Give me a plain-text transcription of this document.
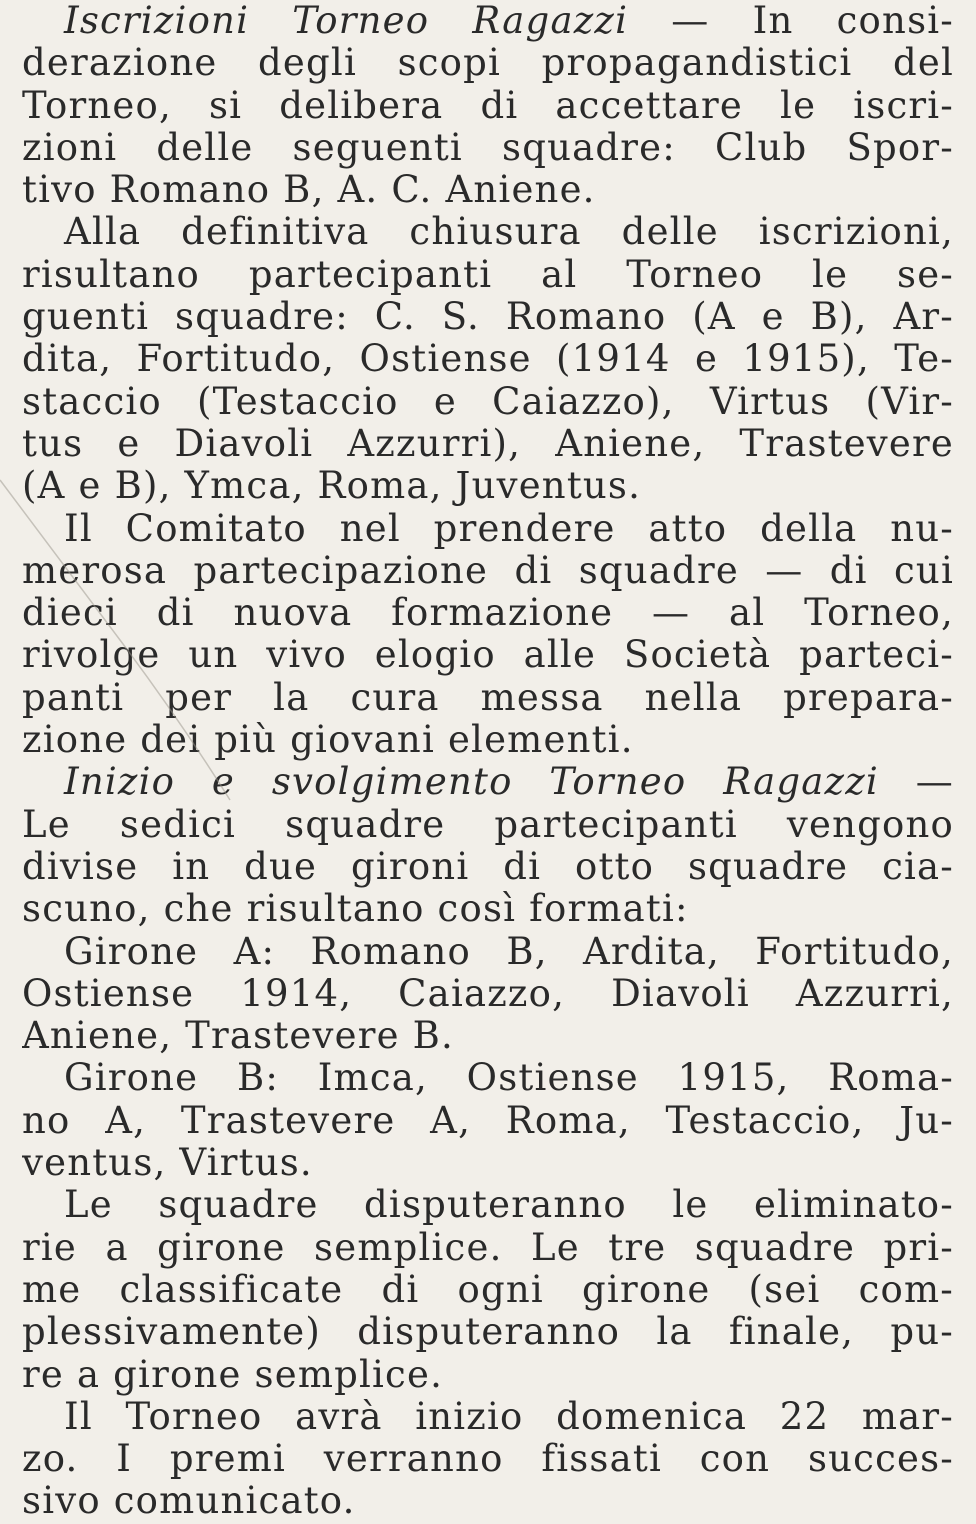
Iscrizioni Torneo Ragazzi — In consi-
derazione degli scopi propagandistici del
Torneo, si delibera di accettare le iscri-
zioni delle seguenti squadre: Club Spor-
tivo Romano B, A. C. Aniene.
Alla definitiva chiusura delle iscrizioni,
risultano partecipanti al Torneo le se-
guenti squadre: C. S. Romano (A e B), Ar-
dita, Fortitudo, Ostiense (1914 e 1915), Te-
staccio (Testaccio e Caiazzo), Virtus (Vir-
tus e Diavoli Azzurri), Aniene, Trastevere
(A e B), Ymca, Roma, Juventus.
Il Comitato nel prendere atto della nu-
merosa partecipazione di squadre — di cui
dieci di nuova formazione — al Torneo,
rivolge un vivo elogio alle Società parteci-
panti per la cura messa nella prepara-
zione dei più giovani elementi.
Inizio e svolgimento Torneo Ragazzi —
Le sedici squadre partecipanti vengono
divise in due gironi di otto squadre cia-
scuno, che risultano così formati:
Girone A: Romano B, Ardita, Fortitudo,
Ostiense 1914, Caiazzo, Diavoli Azzurri,
Aniene, Trastevere B.
Girone B: Imca, Ostiense 1915, Roma-
no A, Trastevere A, Roma, Testaccio, Ju-
ventus, Virtus.
Le squadre disputeranno le eliminato-
rie a girone semplice. Le tre squadre pri-
me classificate di ogni girone (sei com-
plessivamente) disputeranno la finale, pu-
re a girone semplice.
Il Torneo avrà inizio domenica 22 mar-
zo. I premi verranno fissati con succes-
sivo comunicato.
